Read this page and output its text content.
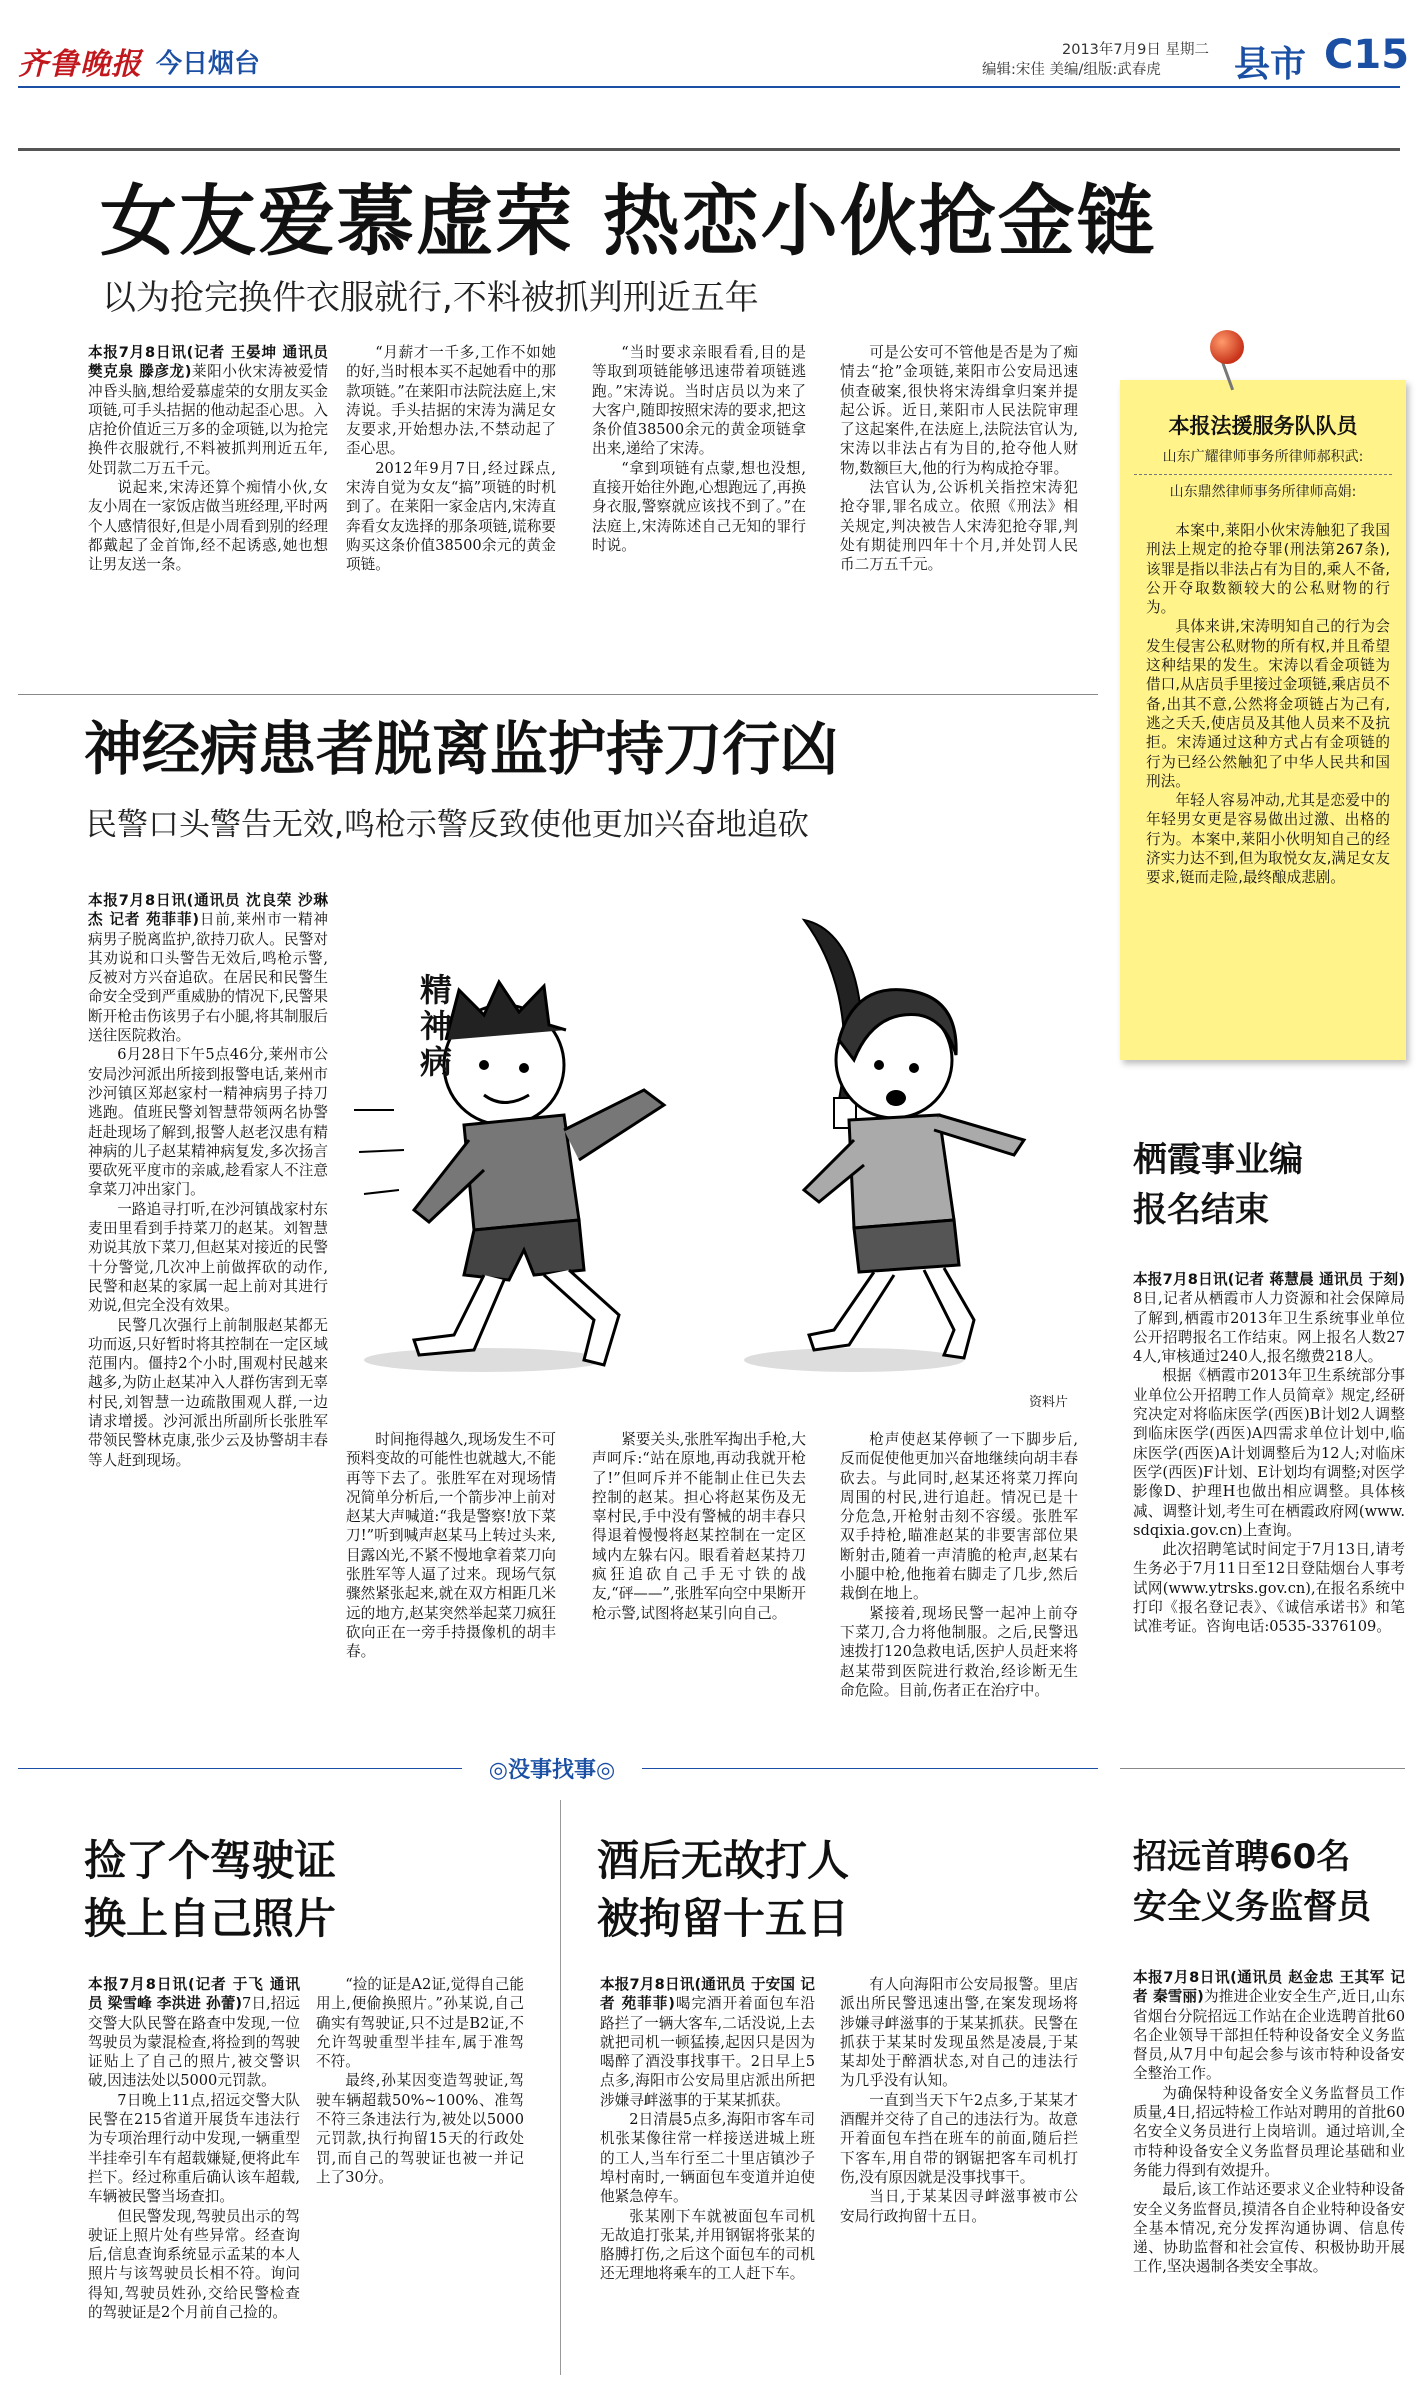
齐鲁晚报 今日烟台	2013年7月9日 星期二
编辑:宋佳 美编/组版:武春虎	县市 C15
女友爱慕虚荣 热恋小伙抢金链
以为抢完换件衣服就行,不料被抓判刑近五年

本报7月8日讯(记者 王晏坤 通讯员 樊克泉 滕彦龙)莱阳小伙宋涛被爱情冲昏头脑,想给爱慕虚荣的女朋友买金项链,可手头拮据的他动起歪心思。入店抢价值近三万多的金项链,以为抢完换件衣服就行,不料被抓判刑近五年,处罚款二万五千元。

说起来,宋涛还算个痴情小伙,女友小周在一家饭店做当班经理,平时两个人感情很好,但是小周看到别的经理都戴起了金首饰,经不起诱惑,她也想让男友送一条。

“月薪才一千多,工作不如她的好,当时根本买不起她看中的那款项链。”在莱阳市法院法庭上,宋涛说。手头拮据的宋涛为满足女友要求,开始想办法,不禁动起了歪心思。

2012年9月7日,经过踩点,宋涛自觉为女友“搞”项链的时机到了。在莱阳一家金店内,宋涛直奔看女友选择的那条项链,谎称要购买这条价值38500余元的黄金项链。

“当时要求亲眼看看,目的是等取到项链能够迅速带着项链逃跑。”宋涛说。当时店员以为来了大客户,随即按照宋涛的要求,把这条价值38500余元的黄金项链拿出来,递给了宋涛。

“拿到项链有点蒙,想也没想,直接开始往外跑,心想跑远了,再换身衣服,警察就应该找不到了。”在法庭上,宋涛陈述自己无知的罪行时说。

可是公安可不管他是否是为了痴情去“抢”金项链,莱阳市公安局迅速侦查破案,很快将宋涛缉拿归案并提起公诉。近日,莱阳市人民法院审理了这起案件,在法庭上,法院法官认为,宋涛以非法占有为目的,抢夺他人财物,数额巨大,他的行为构成抢夺罪。

法官认为,公诉机关指控宋涛犯抢夺罪,罪名成立。依照《刑法》相关规定,判决被告人宋涛犯抢夺罪,判处有期徒刑四年十个月,并处罚人民币二万五千元。

本报法援服务队队员
山东广耀律师事务所律师郝积武:
山东鼎然律师事务所律师高娟:

本案中,莱阳小伙宋涛触犯了我国刑法上规定的抢夺罪(刑法第267条),该罪是指以非法占有为目的,乘人不备,公开夺取数额较大的公私财物的行为。

具体来讲,宋涛明知自己的行为会发生侵害公私财物的所有权,并且希望这种结果的发生。宋涛以看金项链为借口,从店员手里接过金项链,乘店员不备,出其不意,公然将金项链占为己有,逃之夭夭,使店员及其他人员来不及抗拒。宋涛通过这种方式占有金项链的行为已经公然触犯了中华人民共和国刑法。

年轻人容易冲动,尤其是恋爱中的年轻男女更是容易做出过激、出格的行为。本案中,莱阳小伙明知自己的经济实力达不到,但为取悦女友,满足女友要求,铤而走险,最终酿成悲剧。

神经病患者脱离监护持刀行凶
民警口头警告无效,鸣枪示警反致使他更加兴奋地追砍

本报7月8日讯(通讯员 沈良荣 沙琳杰 记者 苑菲菲)日前,莱州市一精神病男子脱离监护,欲持刀砍人。民警对其劝说和口头警告无效后,鸣枪示警,反被对方兴奋追砍。在居民和民警生命安全受到严重威胁的情况下,民警果断开枪击伤该男子右小腿,将其制服后送往医院救治。

6月28日下午5点46分,莱州市公安局沙河派出所接到报警电话,莱州市沙河镇区郑赵家村一精神病男子持刀逃跑。值班民警刘智慧带领两名协警赶赴现场了解到,报警人赵老汉患有精神病的儿子赵某精神病复发,多次扬言要砍死平度市的亲戚,趁看家人不注意拿菜刀冲出家门。

一路追寻打听,在沙河镇战家村东麦田里看到手持菜刀的赵某。刘智慧劝说其放下菜刀,但赵某对接近的民警十分警觉,几次冲上前做挥砍的动作,民警和赵某的家属一起上前对其进行劝说,但完全没有效果。

民警几次强行上前制服赵某都无功而返,只好暂时将其控制在一定区域范围内。僵持2个小时,围观村民越来越多,为防止赵某冲入人群伤害到无辜村民,刘智慧一边疏散围观人群,一边请求增援。沙河派出所副所长张胜军带领民警林克康,张少云及协警胡丰春等人赶到现场。

精神病
资料片

时间拖得越久,现场发生不可预料变故的可能性也就越大,不能再等下去了。张胜军在对现场情况简单分析后,一个箭步冲上前对赵某大声喊道:“我是警察!放下菜刀!”听到喊声赵某马上转过头来,目露凶光,不紧不慢地拿着菜刀向张胜军等人逼了过来。现场气氛骤然紧张起来,就在双方相距几米远的地方,赵某突然举起菜刀疯狂砍向正在一旁手持摄像机的胡丰春。

紧要关头,张胜军掏出手枪,大声呵斥:“站在原地,再动我就开枪了!”但呵斥并不能制止住已失去控制的赵某。担心将赵某伤及无辜村民,手中没有警械的胡丰春只得退着慢慢将赵某控制在一定区域内左躲右闪。眼看着赵某持刀疯狂追砍自己手无寸铁的战友,“砰——”,张胜军向空中果断开枪示警,试图将赵某引向自己。

枪声使赵某停顿了一下脚步后,反而促使他更加兴奋地继续向胡丰春砍去。与此同时,赵某还将菜刀挥向周围的村民,进行追赶。情况已是十分危急,开枪射击刻不容缓。张胜军双手持枪,瞄准赵某的非要害部位果断射击,随着一声清脆的枪声,赵某右小腿中枪,他拖着右脚走了几步,然后栽倒在地上。

紧接着,现场民警一起冲上前夺下菜刀,合力将他制服。之后,民警迅速拨打120急救电话,医护人员赶来将赵某带到医院进行救治,经诊断无生命危险。目前,伤者正在治疗中。

栖霞事业编
报名结束

本报7月8日讯(记者 蒋慧晨 通讯员 于刻)8日,记者从栖霞市人力资源和社会保障局了解到,栖霞市2013年卫生系统事业单位公开招聘报名工作结束。网上报名人数274人,审核通过240人,报名缴费218人。

根据《栖霞市2013年卫生系统部分事业单位公开招聘工作人员简章》规定,经研究决定对将临床医学(西医)B计划2人调整到临床医学(西医)A四需求单位计划中,临床医学(西医)A计划调整后为12人;对临床医学(西医)F计划、E计划均有调整;对医学影像D、护理H也做出相应调整。具体核减、调整计划,考生可在栖霞政府网(www.sdqixia.gov.cn)上查询。

此次招聘笔试时间定于7月13日,请考生务必于7月11日至12日登陆烟台人事考试网(www.ytrsks.gov.cn),在报名系统中打印《报名登记表》、《诚信承诺书》和笔试准考证。咨询电话:0535-3376109。

◎没事找事◎
捡了个驾驶证
换上自己照片

本报7月8日讯(记者 于飞 通讯员 梁雪峰 李洪进 孙蕾)7日,招远交警大队民警在路查中发现,一位驾驶员为蒙混检查,将捡到的驾驶证贴上了自己的照片,被交警识破,因违法处以5000元罚款。

7日晚上11点,招远交警大队民警在215省道开展货车违法行为专项治理行动中发现,一辆重型半挂牵引车有超载嫌疑,便将此车拦下。经过称重后确认该车超载,车辆被民警当场查扣。

但民警发现,驾驶员出示的驾驶证上照片处有些异常。经查询后,信息查询系统显示孟某的本人照片与该驾驶员长相不符。询问得知,驾驶员姓孙,交给民警检查的驾驶证是2个月前自己捡的。

“捡的证是A2证,觉得自己能用上,便偷换照片。”孙某说,自己确实有驾驶证,只不过是B2证,不允许驾驶重型半挂车,属于准驾不符。

最终,孙某因变造驾驶证,驾驶车辆超载50%~100%、准驾不符三条违法行为,被处以5000元罚款,执行拘留15天的行政处罚,而自己的驾驶证也被一并记上了30分。

酒后无故打人
被拘留十五日

本报7月8日讯(通讯员 于安国 记者 苑菲菲)喝完酒开着面包车沿路拦了一辆大客车,二话没说,上去就把司机一顿猛揍,起因只是因为喝醉了酒没事找事干。2日早上5点多,海阳市公安局里店派出所把涉嫌寻衅滋事的于某某抓获。

2日清晨5点多,海阳市客车司机张某像往常一样接送进城上班的工人,当车行至二十里店镇沙子埠村南时,一辆面包车变道并迫使他紧急停车。

张某刚下车就被面包车司机无故追打张某,并用钢锯将张某的胳膊打伤,之后这个面包车的司机还无理地将乘车的工人赶下车。

有人向海阳市公安局报警。里店派出所民警迅速出警,在案发现场将涉嫌寻衅滋事的于某某抓获。民警在抓获于某某时发现虽然是凌晨,于某某却处于醉酒状态,对自己的违法行为几乎没有认知。

一直到当天下午2点多,于某某才酒醒并交待了自己的违法行为。故意开着面包车挡在班车的前面,随后拦下客车,用自带的钢锯把客车司机打伤,没有原因就是没事找事干。

当日,于某某因寻衅滋事被市公安局行政拘留十五日。

招远首聘60名
安全义务监督员

本报7月8日讯(通讯员 赵金忠 王其军 记者 秦雪丽)为推进企业安全生产,近日,山东省烟台分院招远工作站在企业选聘首批60名企业领导干部担任特种设备安全义务监督员,从7月中旬起会参与该市特种设备安全整治工作。

为确保特种设备安全义务监督员工作质量,4日,招远特检工作站对聘用的首批60名安全义务员进行上岗培训。通过培训,全市特种设备安全义务监督员理论基础和业务能力得到有效提升。

最后,该工作站还要求义企业特种设备安全义务监督员,摸清各自企业特种设备安全基本情况,充分发挥沟通协调、信息传递、协助监督和社会宣传、积极协助开展工作,坚决遏制各类安全事故。
